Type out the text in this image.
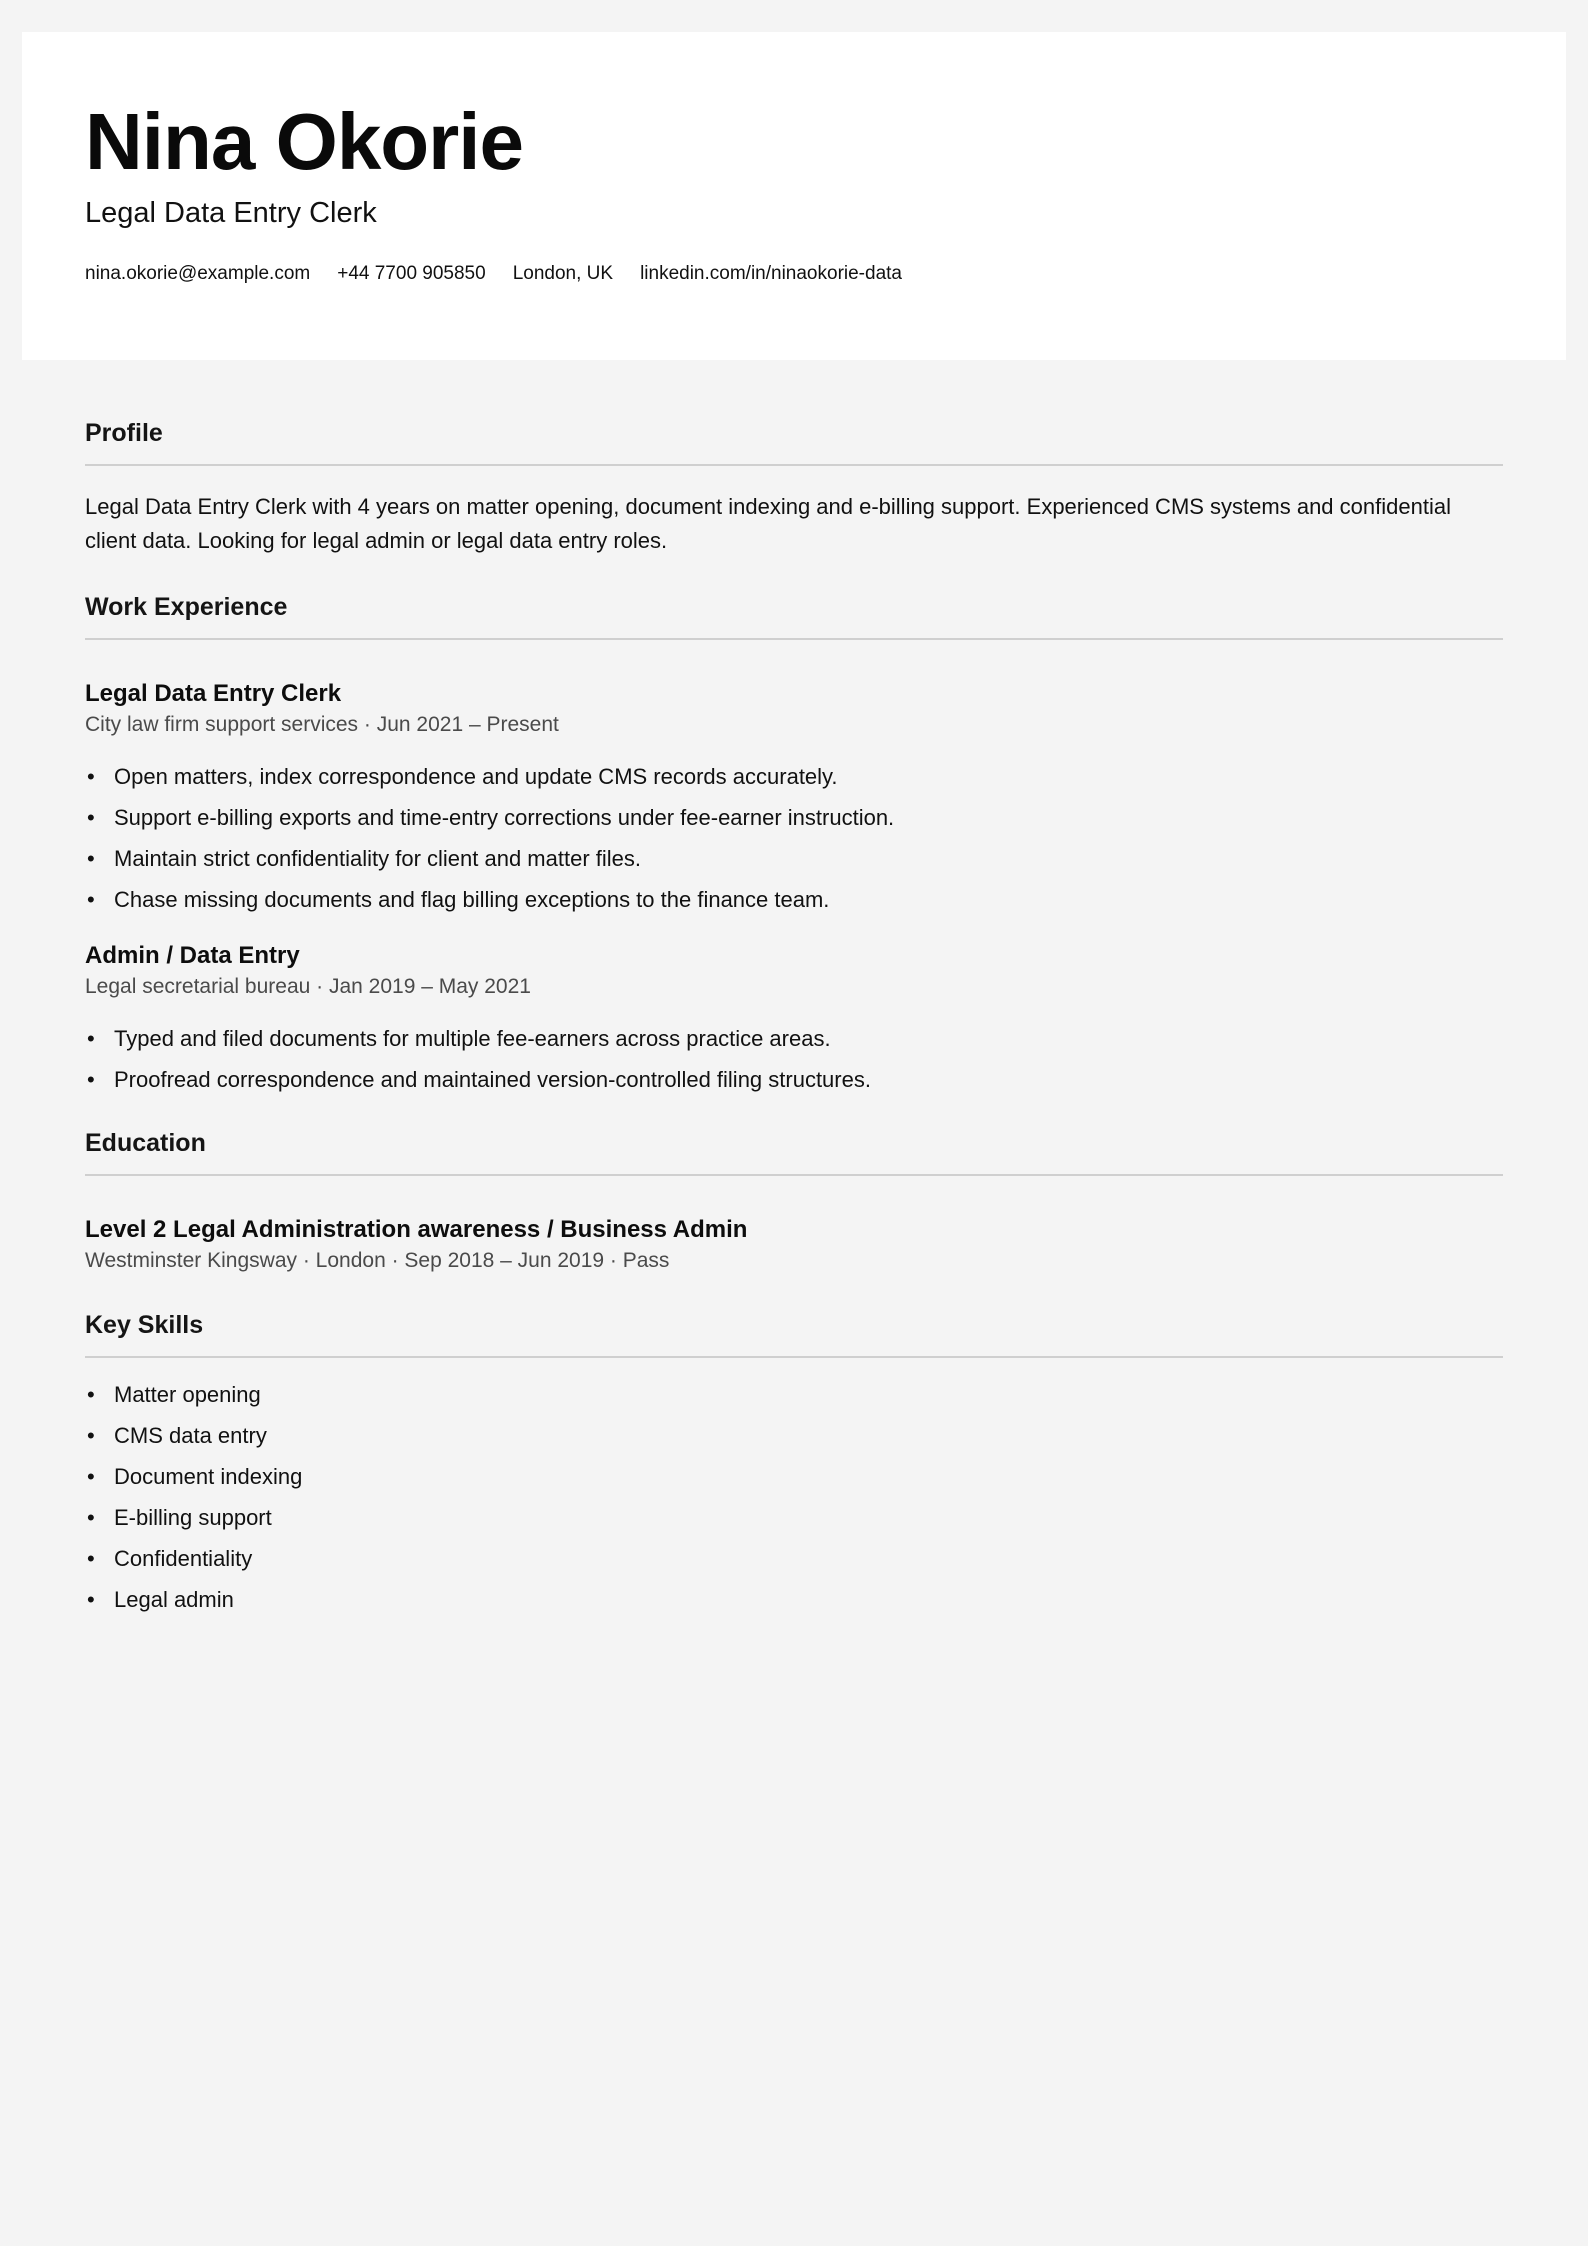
Nina Okorie
Legal Data Entry Clerk
nina.okorie@example.com +44 7700 905850 London, UK linkedin.com/in/ninaokorie-data
Profile

Legal Data Entry Clerk with 4 years on matter opening, document indexing and e-billing support. Experienced CMS systems and confidential client data. Looking for legal admin or legal data entry roles.

Work Experience
Legal Data Entry Clerk
City law firm support services · Jun 2021 – Present
• Open matters, index correspondence and update CMS records accurately.
• Support e-billing exports and time-entry corrections under fee-earner instruction.
• Maintain strict confidentiality for client and matter files.
• Chase missing documents and flag billing exceptions to the finance team.
Admin / Data Entry
Legal secretarial bureau · Jan 2019 – May 2021
• Typed and filed documents for multiple fee-earners across practice areas.
• Proofread correspondence and maintained version-controlled filing structures.
Education
Level 2 Legal Administration awareness / Business Admin
Westminster Kingsway · London · Sep 2018 – Jun 2019 · Pass
Key Skills
• Matter opening
• CMS data entry
• Document indexing
• E-billing support
• Confidentiality
• Legal admin
